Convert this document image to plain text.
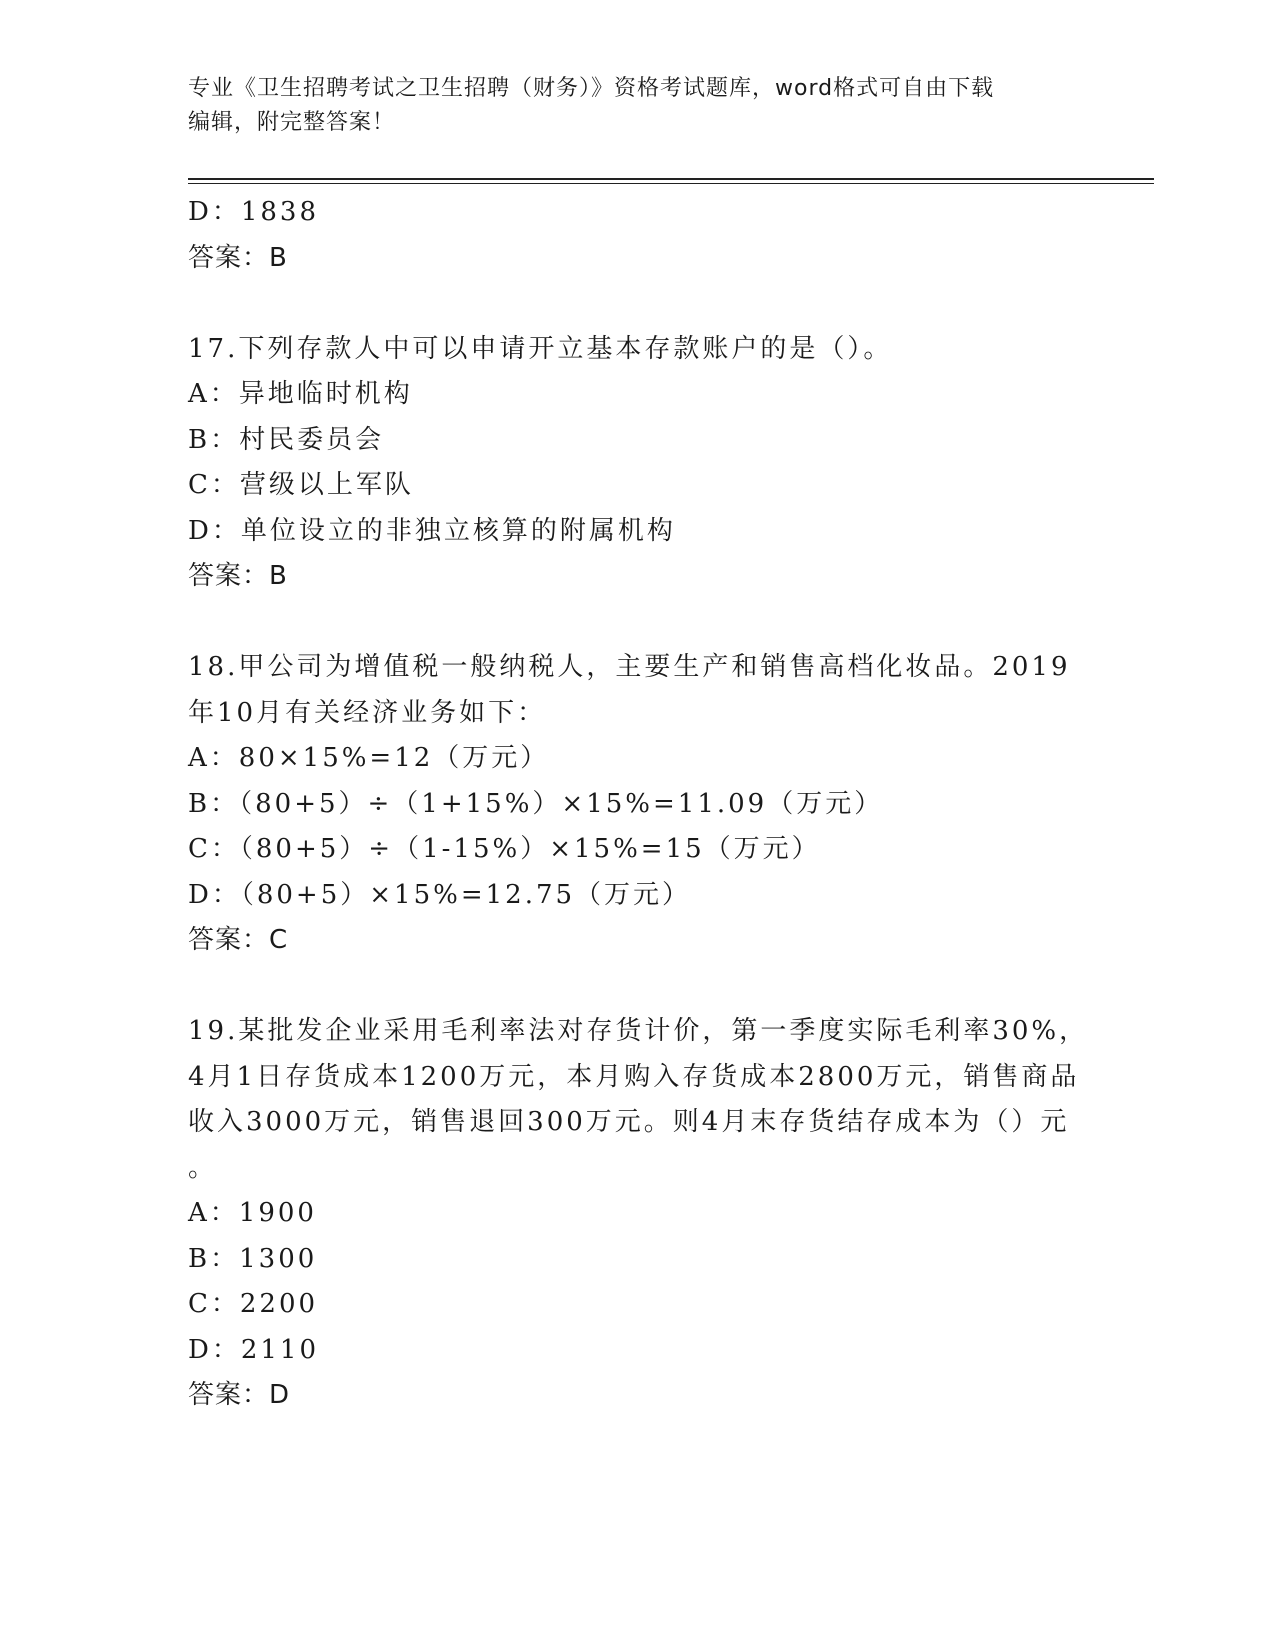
专业《卫生招聘考试之卫生招聘（财务）》资格考试题库，word格式可自由下载
编辑，附完整答案！
D：1838
答案：B
17.下列存款人中可以申请开立基本存款账户的是（）。
A：异地临时机构
B：村民委员会
C：营级以上军队
D：单位设立的非独立核算的附属机构
答案：B
18.甲公司为增值税一般纳税人，主要生产和销售高档化妆品。2019
年10月有关经济业务如下：
A：80×15%=12（万元）
B：（80+5）÷（1+15%）×15%=11.09（万元）
C：（80+5）÷（1-15%）×15%=15（万元）
D：（80+5）×15%=12.75（万元）
答案：C
19.某批发企业采用毛利率法对存货计价，第一季度实际毛利率30%，
4月1日存货成本1200万元，本月购入存货成本2800万元，销售商品
收入3000万元，销售退回300万元。则4月末存货结存成本为（）元
。
A：1900
B：1300
C：2200
D：2110
答案：D
